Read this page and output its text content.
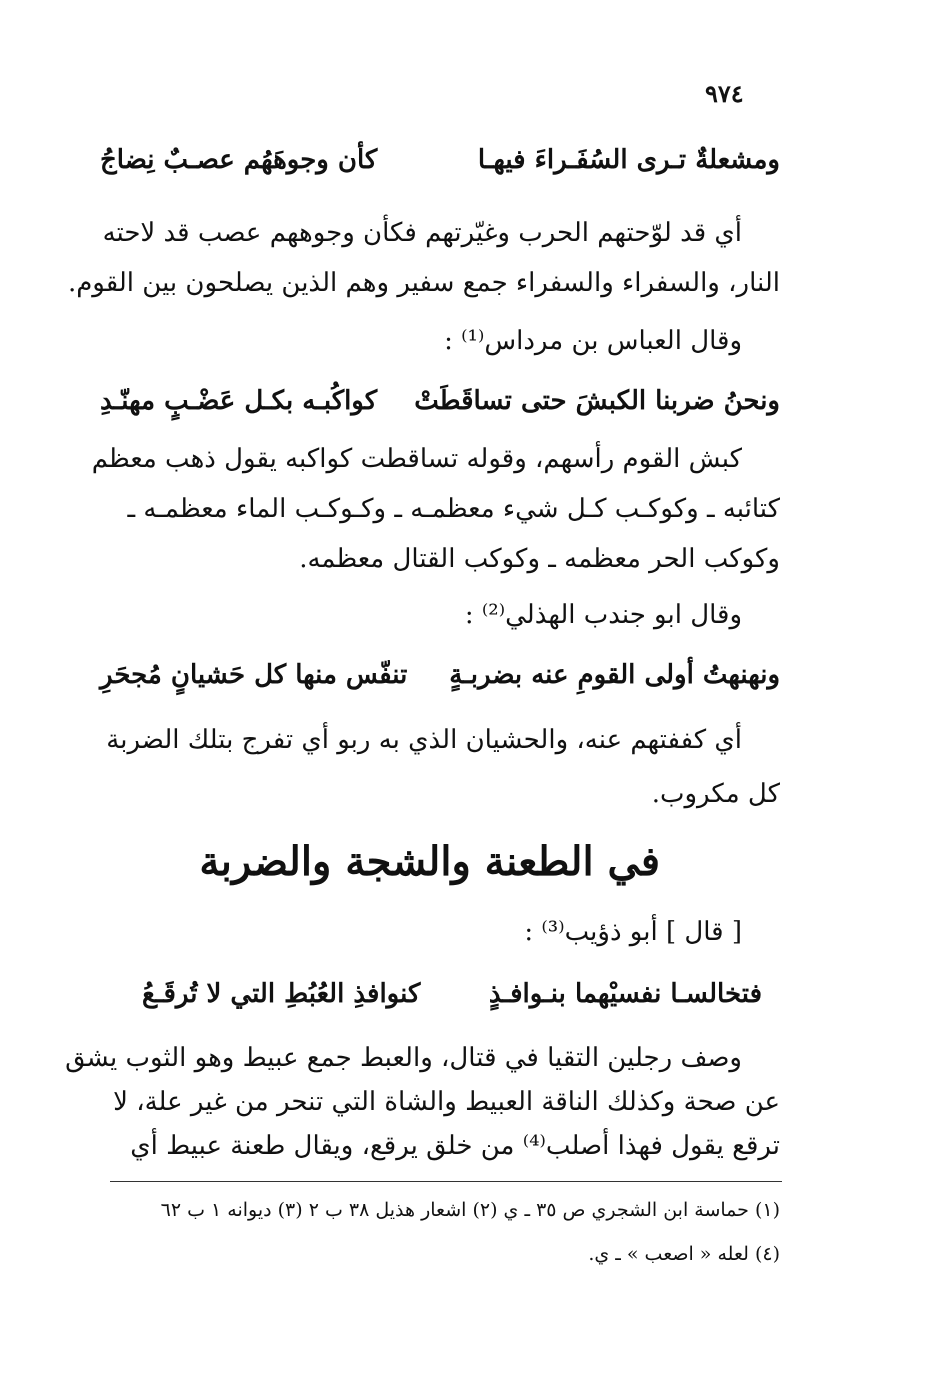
٩٧٤
ومشعلةٌ تـرى السُفَـراءَ فيهـا
كأن وجوهَهُم عصـبٌ نِضاجُ
أي قد لوّحتهم الحرب وغيّرتهم فكأن وجوههم عصب قد لاحته
النار، والسفراء والسفراء جمع سفير وهم الذين يصلحون بين القوم.
وقال العباس بن مرداس⁽¹⁾ :
ونحنُ ضربنا الكبشَ حتى تساقَطَتْ
كواكُبـه بكـل عَضْـبٍ مهنّـدِ
كبش القوم رأسهم، وقوله تساقطت كواكبه يقول ذهب معظم
كتائبه ـ وكوكـب كـل شيء معظمـه ـ وكـوكـب الماء معظمـه ـ
وكوكب الحر معظمه ـ وكوكب القتال معظمه.
وقال ابو جندب الهذلي⁽²⁾ :
ونهنهتُ أولى القومِ عنه بضربـةٍ
تنفّس منها كل حَشيانٍ مُجحَرِ
أي كففتهم عنه، والحشيان الذي به ربو أي تفرج بتلك الضربة
كل مكروب.
في الطعنة والشجة والضربة
[ قال ] أبو ذؤيب⁽³⁾ :
فتخالسـا نفسيْهما بنـوافـذٍ
كنوافذِ العُبُطِ التي لا تُرقَـعُ
وصف رجلين التقيا في قتال، والعبط جمع عبيط وهو الثوب يشق
عن صحة وكذلك الناقة العبيط والشاة التي تنحر من غير علة، لا
ترقع يقول فهذا أصلب⁽⁴⁾ من خلق يرقع، ويقال طعنة عبيط أي
(١) حماسة ابن الشجري ص ٣٥ ـ ي (٢) اشعار هذيل ٣٨ ب ٢ (٣) ديوانه ١ ب ٦٢
(٤) لعله « اصعب » ـ ي.
